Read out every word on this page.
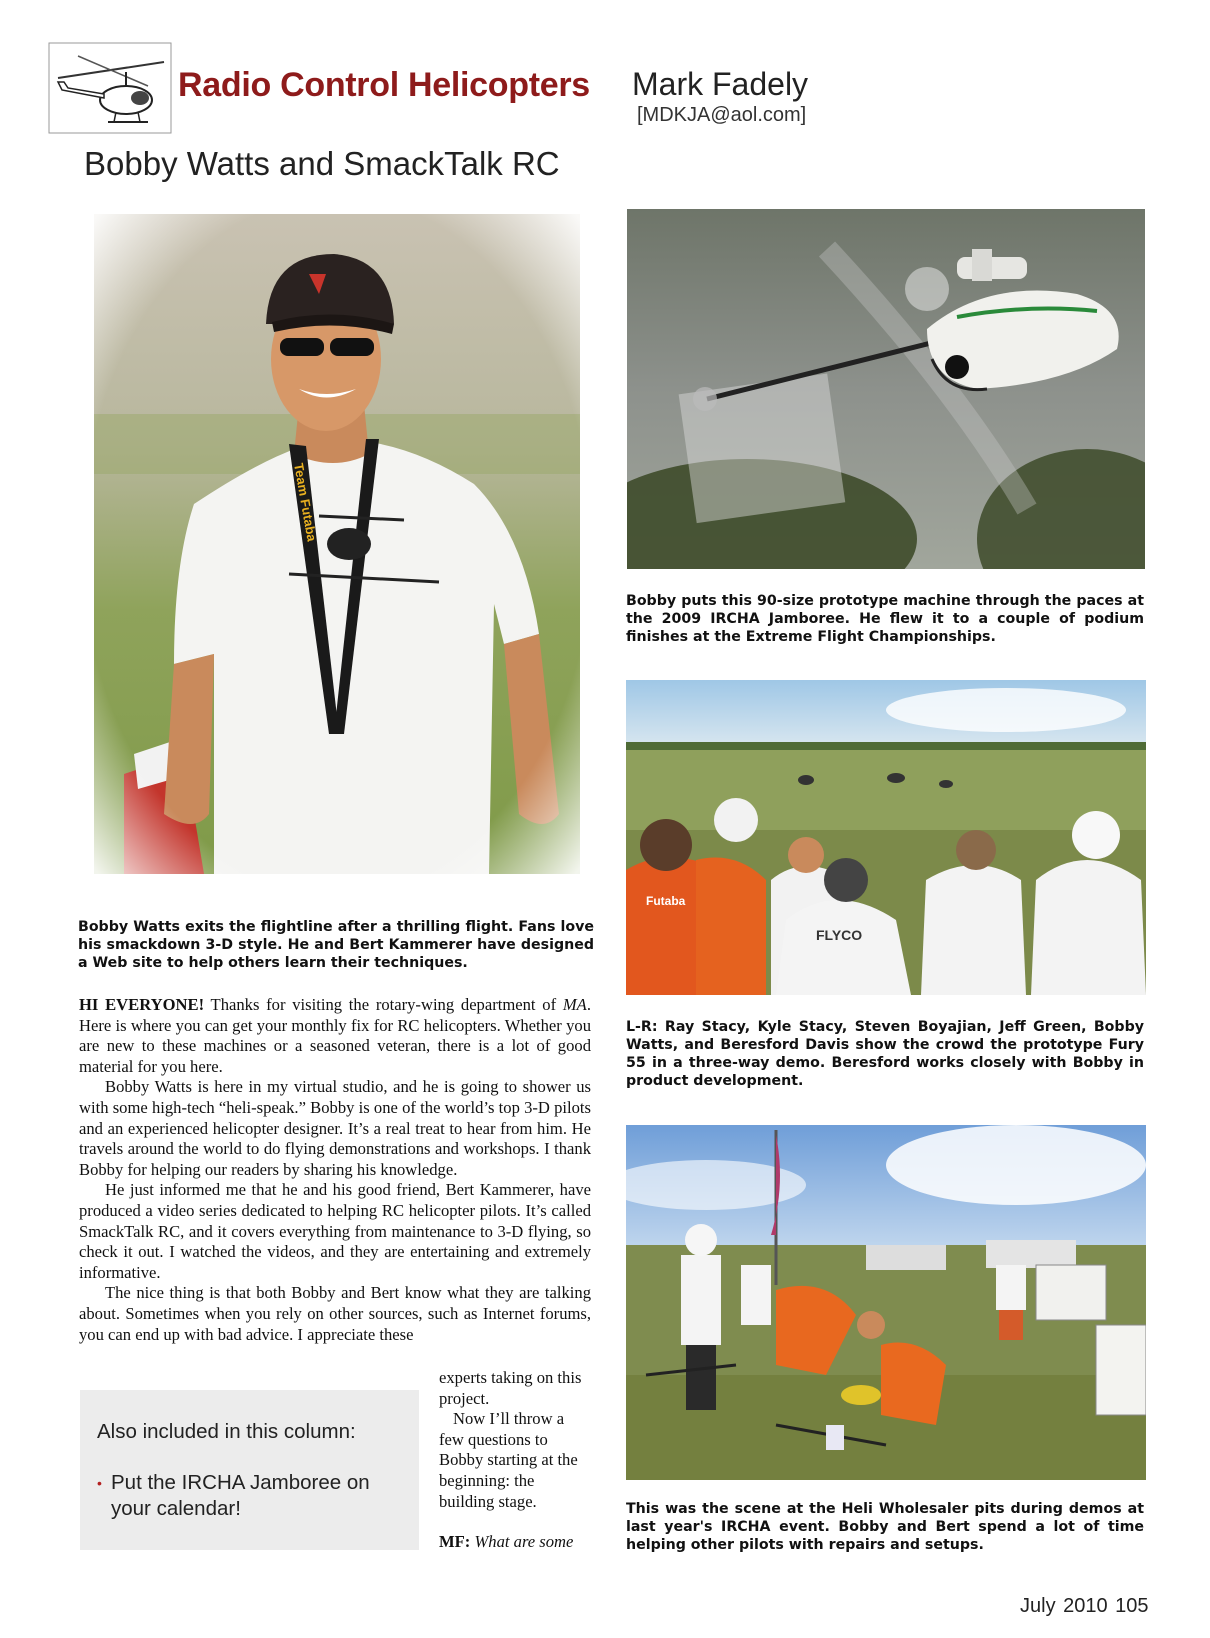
Radio Control Helicopters Mark Fadely
[MDKJA@aol.com]
Bobby Watts and SmackTalk RC
FLYCO
Futaba
Bobby Watts exits the flightline after a thrilling flight. Fans love his smackdown 3-D style. He and Bert Kammerer have designed a Web site to help others learn their techniques.
Bobby puts this 90-size prototype machine through the paces at the 2009 IRCHA Jamboree. He flew it to a couple of podium finishes at the Extreme Flight Championships.
L-R: Ray Stacy, Kyle Stacy, Steven Boyajian, Jeff Green, Bobby Watts, and Beresford Davis show the crowd the prototype Fury 55 in a three-way demo. Beresford works closely with Bobby in product development.
This was the scene at the Heli Wholesaler pits during demos at last year's IRCHA event. Bobby and Bert spend a lot of time helping other pilots with repairs and setups.

HI EVERYONE! Thanks for visiting the rotary-wing department of MA. Here is where you can get your monthly fix for RC helicopters. Whether you are new to these machines or a seasoned veteran, there is a lot of good material for you here.

Bobby Watts is here in my virtual studio, and he is going to shower us with some high-tech “heli-speak.” Bobby is one of the world’s top 3-D pilots and an experienced helicopter designer. It’s a real treat to hear from him. He travels around the world to do flying demonstrations and workshops. I thank Bobby for helping our readers by sharing his knowledge.

He just informed me that he and his good friend, Bert Kammerer, have produced a video series dedicated to helping RC helicopter pilots. It’s called SmackTalk RC, and it covers everything from maintenance to 3-D flying, so check it out. I watched the videos, and they are entertaining and extremely informative.

The nice thing is that both Bobby and Bert know what they are talking about. Sometimes when you rely on other sources, such as Internet forums, you can end up with bad advice. I appreciate these

experts taking on this project.

Now I’ll throw a few questions to Bobby starting at the beginning: the building stage.

MF: What are some

Also included in this column:
• Put the IRCHA Jamboree on your calendar!
July 2010 105
